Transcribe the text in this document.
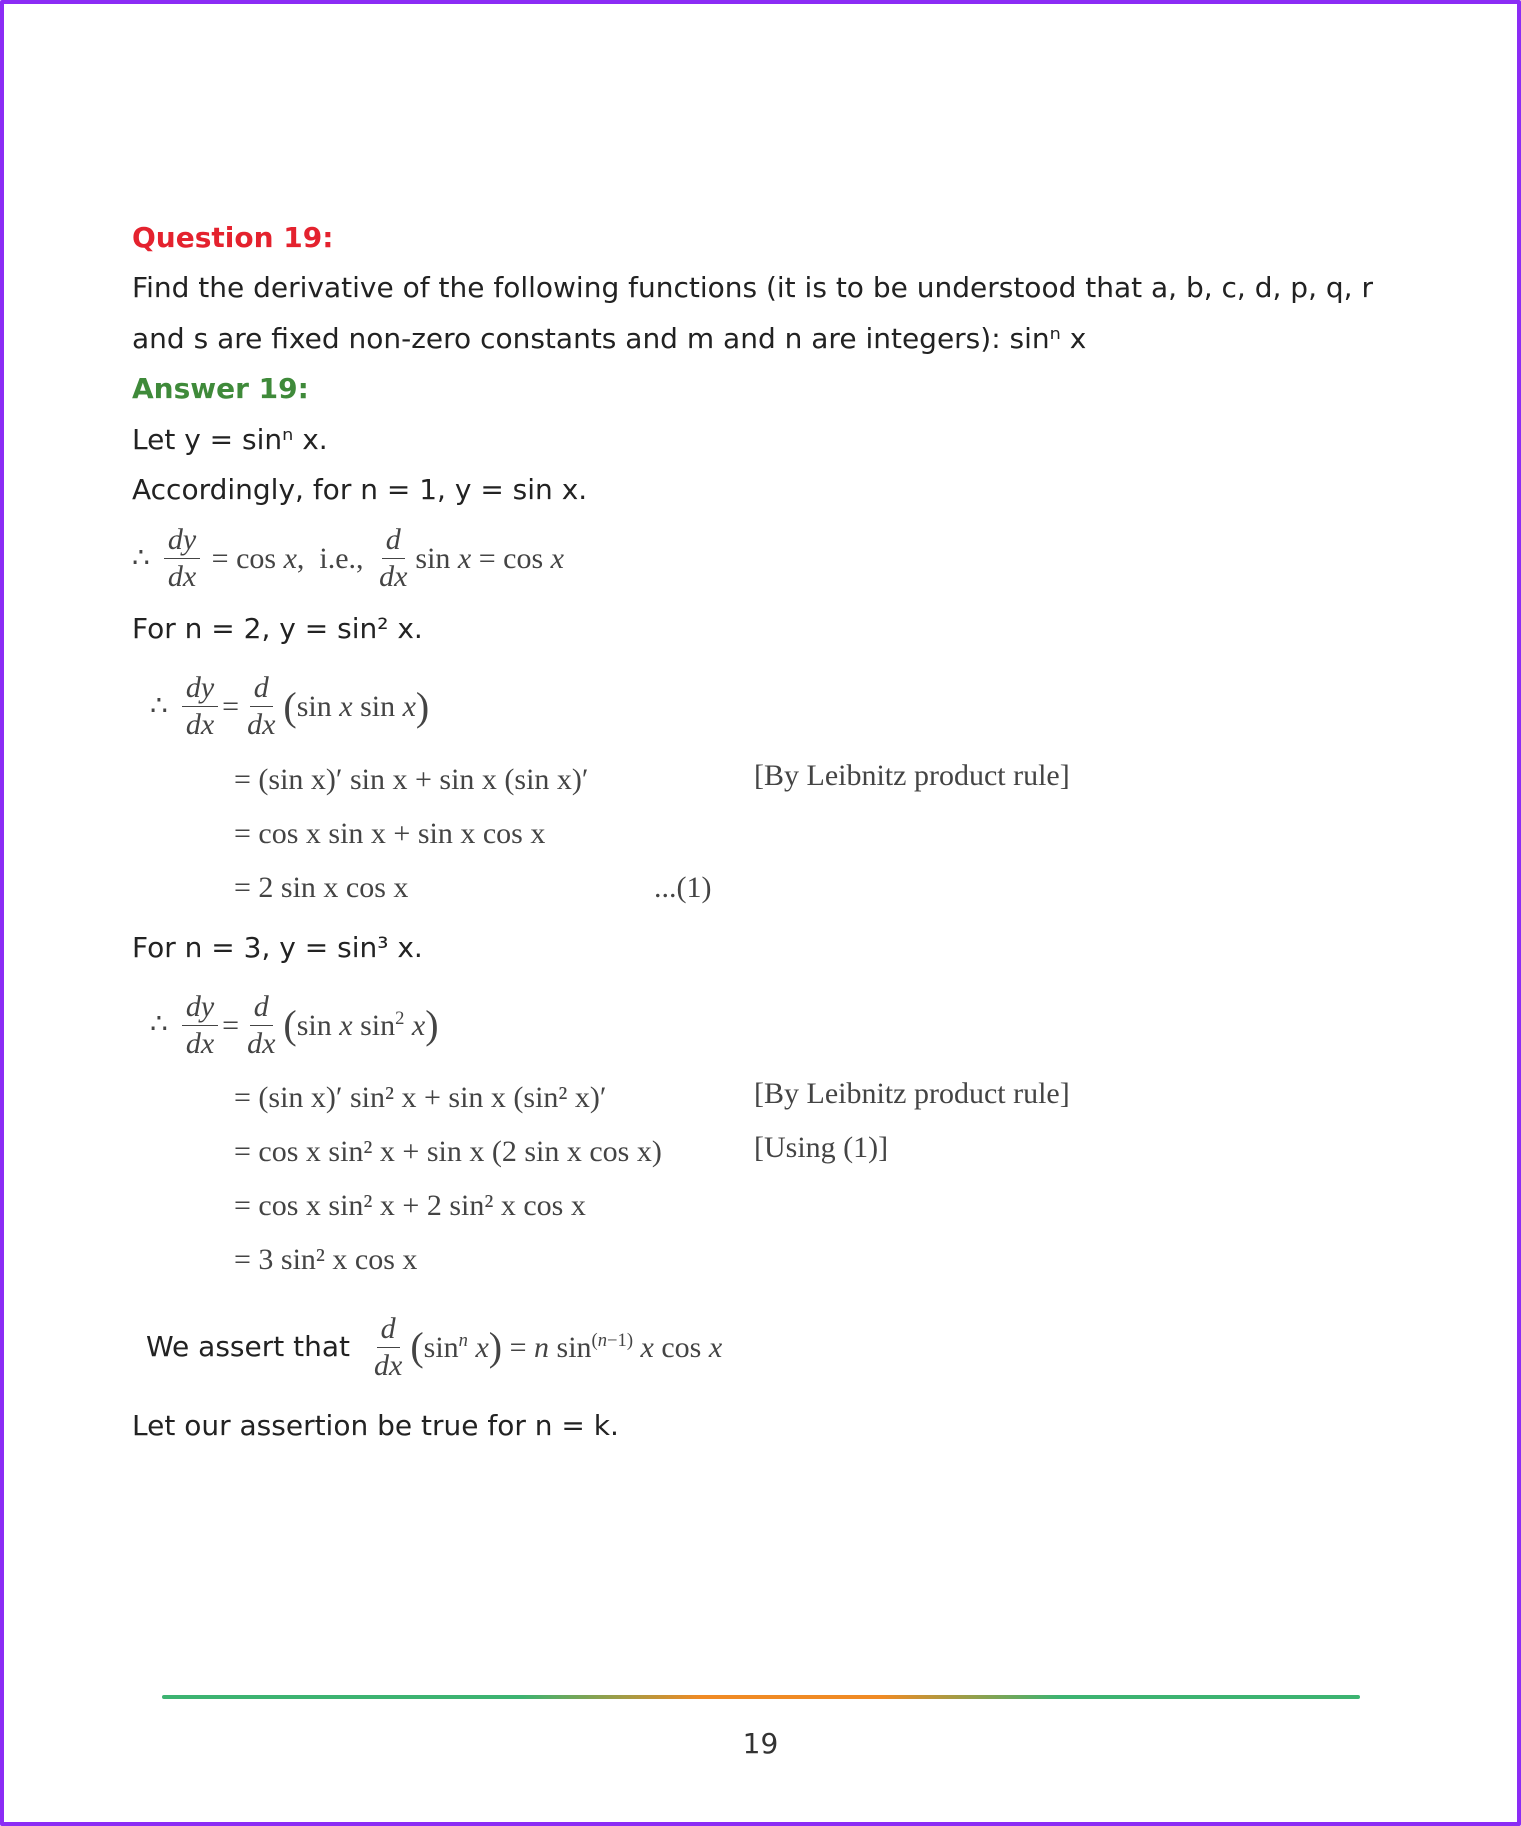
Question 19:
Find the derivative of the following functions (it is to be understood that a, b, c, d, p, q, r
and s are fixed non-zero constants and m and n are integers): sinⁿ x
Answer 19:
Let y = sinⁿ x.
Accordingly, for n = 1, y = sin x.
∴ $\frac{dy}{dx} = \cos x$,  i.e., $\frac{d}{dx}$ sin x = cos x
For n = 2, y = sin² x.
∴ $\frac{dy}{dx} = \frac{d}{dx}$ ( sin x sin x )
= (sin x)′ sin x + sin x (sin x)′	[By Leibnitz product rule]
= cos x sin x + sin x cos x
= 2 sin x cos x	...(1)
For n = 3, y = sin³ x.
∴ $\frac{dy}{dx} = \frac{d}{dx}$ ( sin x $\sin^2 x$ )
= (sin x)′ sin² x + sin x (sin² x)′	[By Leibnitz product rule]
= cos x sin² x + sin x (2 sin x cos x)	[Using (1)]
= cos x sin² x + 2 sin² x cos x
= 3 sin² x cos x
We assert that $\frac{d}{dx}$ ( $\sin^n x$ ) = n $\sin^{(n-1)} x$ cos x
Let our assertion be true for n = k.
19
